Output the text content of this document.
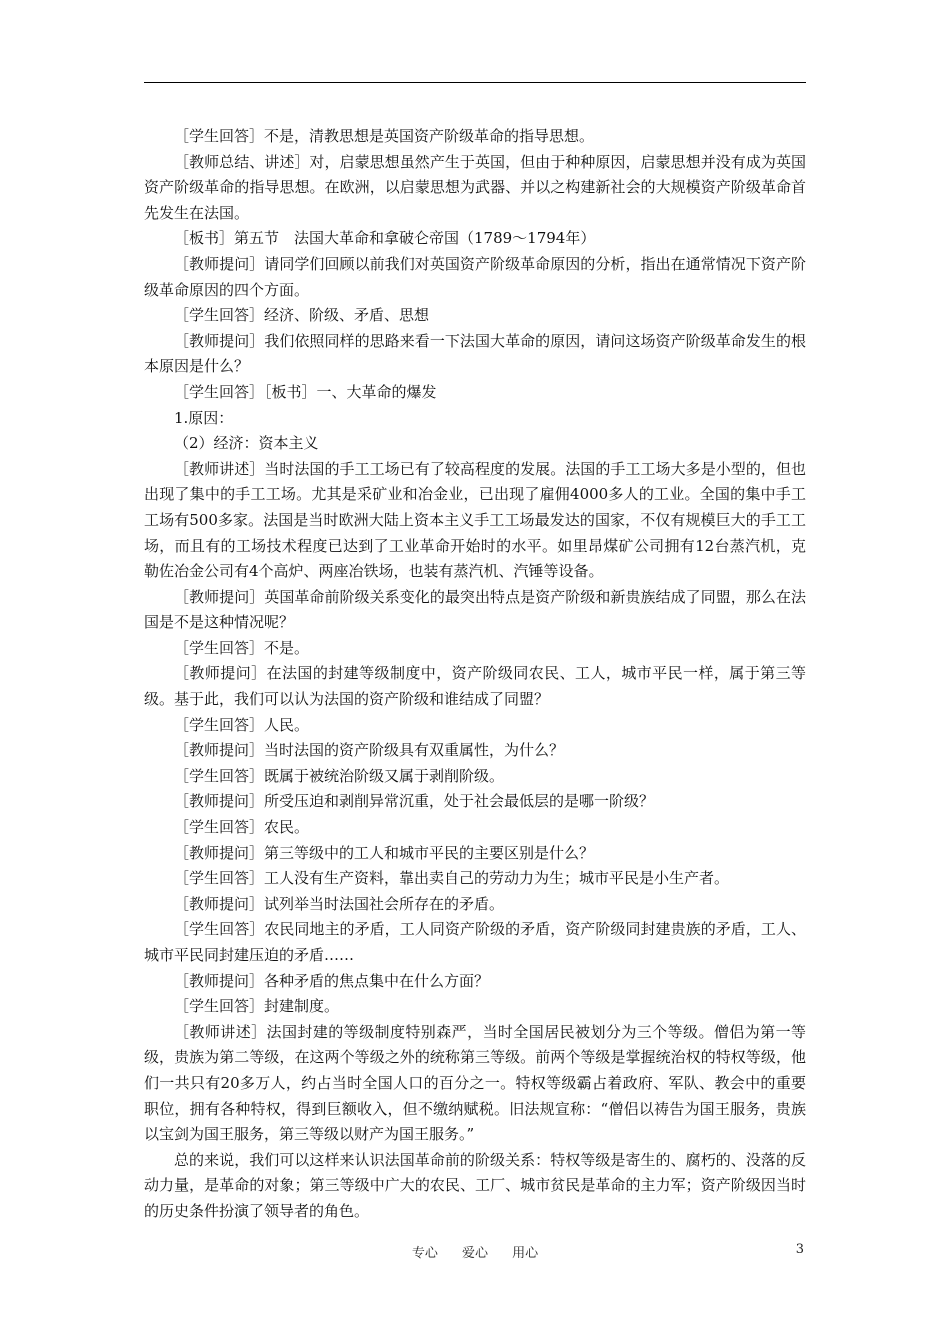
［学生回答］不是，清教思想是英国资产阶级革命的指导思想。

［教师总结、讲述］对，启蒙思想虽然产生于英国，但由于种种原因，启蒙思想并没有成为英国资产阶级革命的指导思想。在欧洲，以启蒙思想为武器、并以之构建新社会的大规模资产阶级革命首先发生在法国。

［板书］第五节　法国大革命和拿破仑帝国（1789～1794年）

［教师提问］请同学们回顾以前我们对英国资产阶级革命原因的分析，指出在通常情况下资产阶级革命原因的四个方面。

［学生回答］经济、阶级、矛盾、思想

［教师提问］我们依照同样的思路来看一下法国大革命的原因，请问这场资产阶级革命发生的根本原因是什么？

［学生回答］［板书］一、大革命的爆发

1.原因：

（2）经济：资本主义

［教师讲述］当时法国的手工工场已有了较高程度的发展。法国的手工工场大多是小型的，但也出现了集中的手工工场。尤其是采矿业和冶金业，已出现了雇佣4000多人的工业。全国的集中手工工场有500多家。法国是当时欧洲大陆上资本主义手工工场最发达的国家，不仅有规模巨大的手工工场，而且有的工场技术程度已达到了工业革命开始时的水平。如里昂煤矿公司拥有12台蒸汽机，克勒佐冶金公司有4个高炉、两座冶铁场，也装有蒸汽机、汽锤等设备。

［教师提问］英国革命前阶级关系变化的最突出特点是资产阶级和新贵族结成了同盟，那么在法国是不是这种情况呢？

［学生回答］不是。

［教师提问］在法国的封建等级制度中，资产阶级同农民、工人，城市平民一样，属于第三等级。基于此，我们可以认为法国的资产阶级和谁结成了同盟？

［学生回答］人民。

［教师提问］当时法国的资产阶级具有双重属性，为什么？

［学生回答］既属于被统治阶级又属于剥削阶级。

［教师提问］所受压迫和剥削异常沉重，处于社会最低层的是哪一阶级？

［学生回答］农民。

［教师提问］第三等级中的工人和城市平民的主要区别是什么？

［学生回答］工人没有生产资料，靠出卖自己的劳动力为生；城市平民是小生产者。

［教师提问］试列举当时法国社会所存在的矛盾。

［学生回答］农民同地主的矛盾，工人同资产阶级的矛盾，资产阶级同封建贵族的矛盾，工人、城市平民同封建压迫的矛盾……

［教师提问］各种矛盾的焦点集中在什么方面？

［学生回答］封建制度。

［教师讲述］法国封建的等级制度特别森严，当时全国居民被划分为三个等级。僧侣为第一等级，贵族为第二等级，在这两个等级之外的统称第三等级。前两个等级是掌握统治权的特权等级，他们一共只有20多万人，约占当时全国人口的百分之一。特权等级霸占着政府、军队、教会中的重要职位，拥有各种特权，得到巨额收入，但不缴纳赋税。旧法规宣称：“僧侣以祷告为国王服务，贵族以宝剑为国王服务，第三等级以财产为国王服务。”

总的来说，我们可以这样来认识法国革命前的阶级关系：特权等级是寄生的、腐朽的、没落的反动力量，是革命的对象；第三等级中广大的农民、工厂、城市贫民是革命的主力军；资产阶级因当时的历史条件扮演了领导者的角色。

专心 爱心 用心	3
